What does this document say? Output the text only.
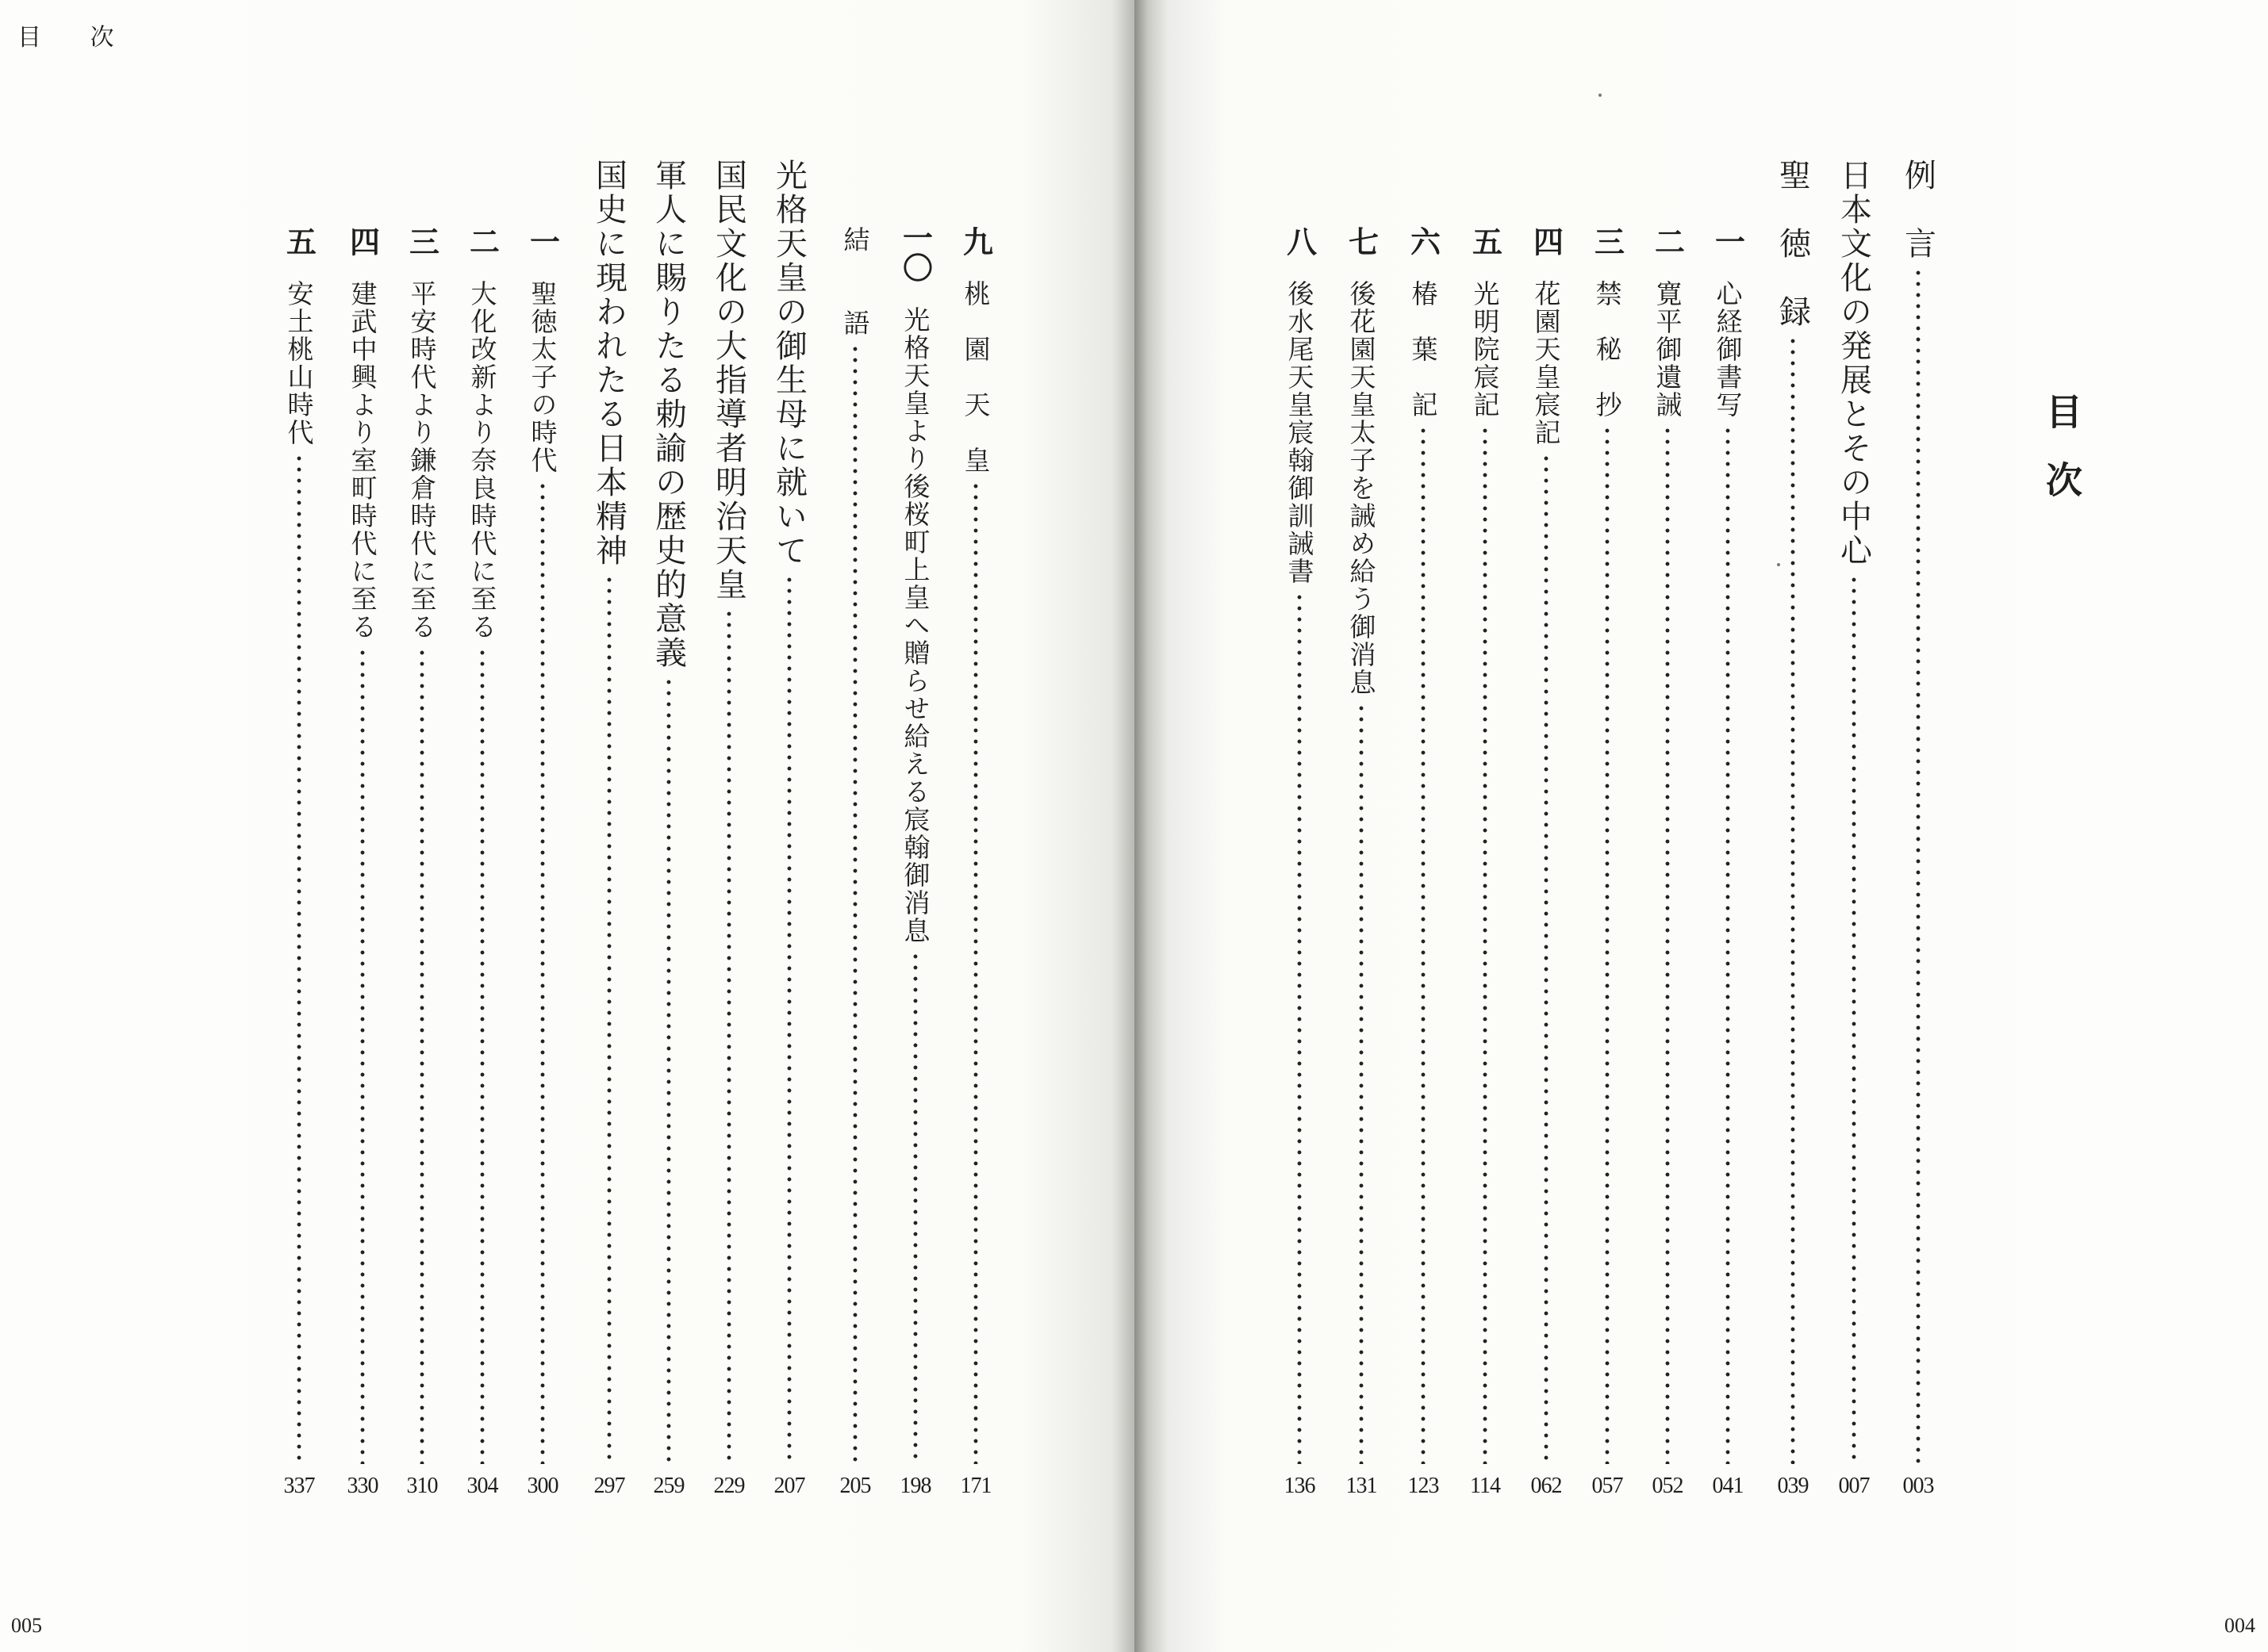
目 次
九
桃　園　天　皇
171
一〇
光格天皇より後桜町上皇へ贈らせ給える宸翰御消息
198
結　　語
205
光格天皇の御生母に就いて
207
国民文化の大指導者明治天皇
229
軍人に賜りたる勅諭の歴史的意義
259
国史に現われたる日本精神
297
一
聖徳太子の時代
300
二
大化改新より奈良時代に至る
304
三
平安時代より鎌倉時代に至る
310
四
建武中興より室町時代に至る
330
五
安土桃山時代
337
005	004
目次
例　言
003
日本文化の発展とその中心
007
聖　徳　録
039
一
心経御書写
041
二
寛平御遺誡
052
三
禁　秘　抄
057
四
花園天皇宸記
062
五
光明院宸記
114
六
椿　葉　記
123
七
後花園天皇太子を誡め給う御消息
131
八
後水尾天皇宸翰御訓誡書
136
